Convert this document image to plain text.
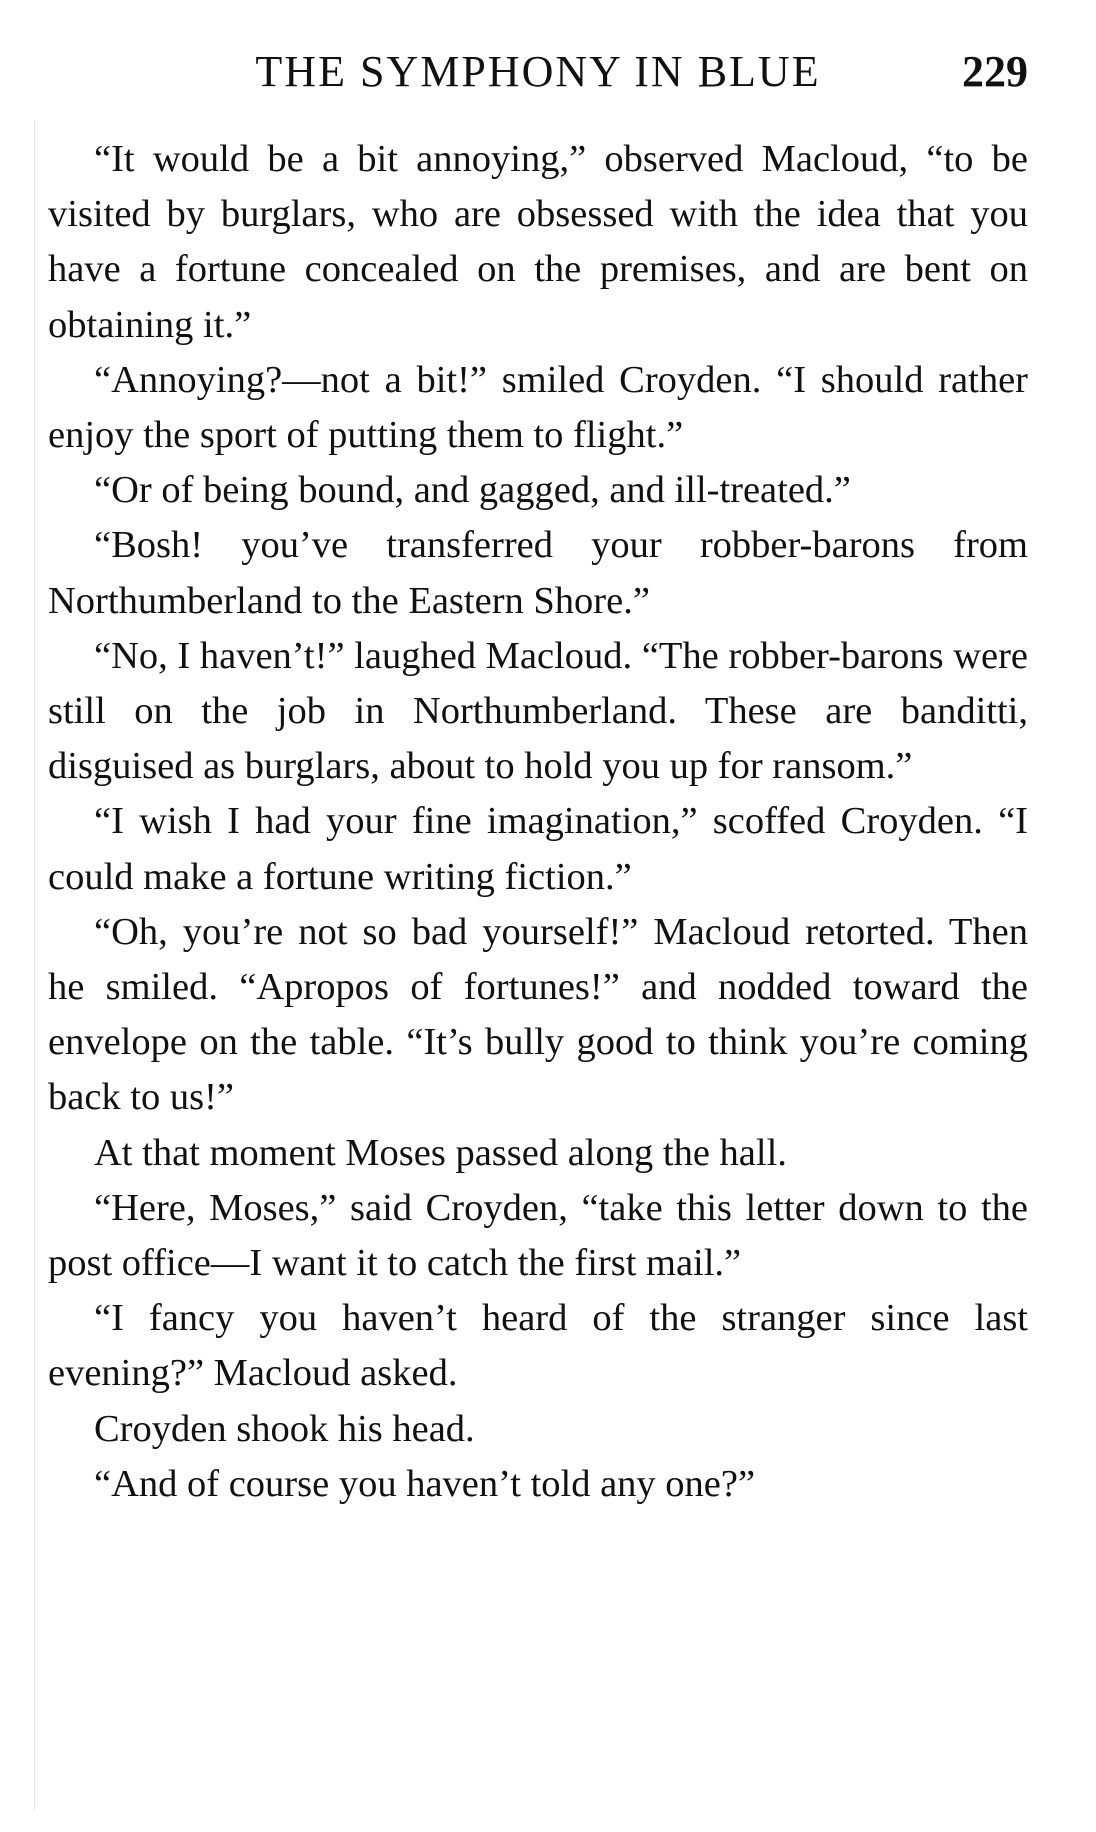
THE SYMPHONY IN BLUE	229

“It would be a bit annoying,” observed Macloud, “to be visited by burglars, who are obsessed with the idea that you have a fortune concealed on the premises, and are bent on obtaining it.”

“Annoying?—not a bit!” smiled Croyden. “I should rather enjoy the sport of putting them to flight.”

“Or of being bound, and gagged, and ill-treated.”

“Bosh! you’ve transferred your robber-barons from Northumberland to the Eastern Shore.”

“No, I haven’t!” laughed Macloud. “The robber-barons were still on the job in Northumberland. These are banditti, disguised as burglars, about to hold you up for ransom.”

“I wish I had your fine imagination,” scoffed Croyden. “I could make a fortune writing fiction.”

“Oh, you’re not so bad yourself!” Macloud retorted. Then he smiled. “Apropos of fortunes!” and nodded toward the envelope on the table. “It’s bully good to think you’re coming back to us!”

At that moment Moses passed along the hall.

“Here, Moses,” said Croyden, “take this letter down to the post office—I want it to catch the first mail.”

“I fancy you haven’t heard of the stranger since last evening?” Macloud asked.

Croyden shook his head.

“And of course you haven’t told any one?”
